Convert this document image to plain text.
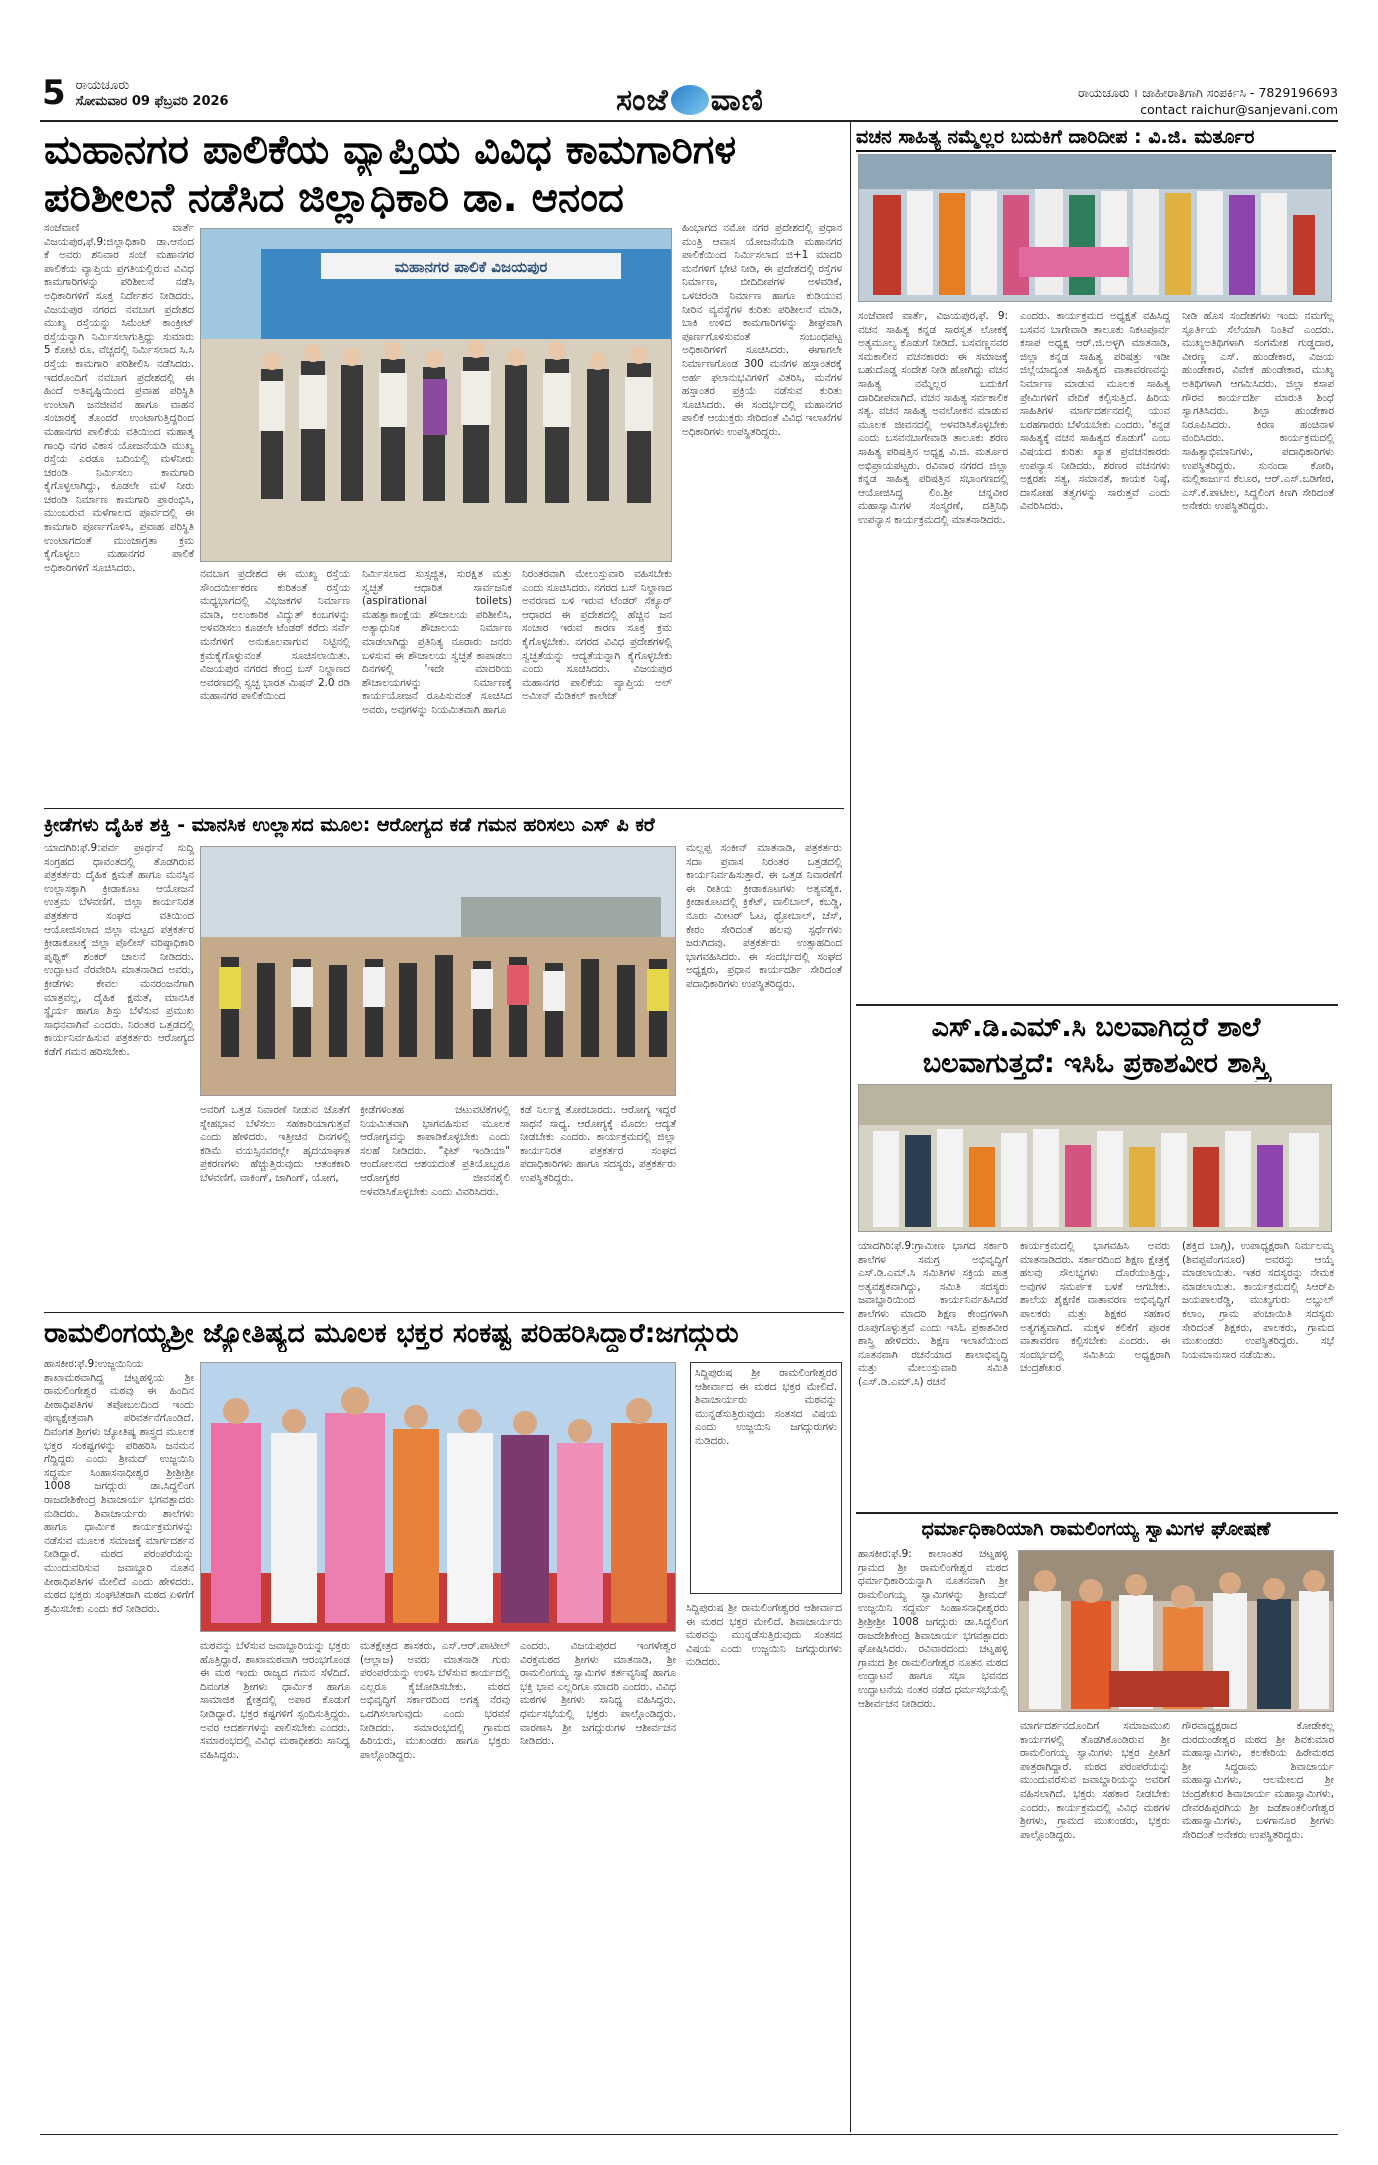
5 ರಾಯಚೂರು
ಸೋಮವಾರ 09 ಫೆಬ್ರವರಿ 2026	ಸಂಜೆ ವಾಣಿ	ರಾಯಚೂರು । ಜಾಹೀರಾತಿಗಾಗಿ ಸಂಪರ್ಕಿಸಿ - 7829196693
contact raichur@sanjevani.com
ಮಹಾನಗರ ಪಾಲಿಕೆಯ ವ್ಯಾಪ್ತಿಯ ವಿವಿಧ ಕಾಮಗಾರಿಗಳ
ಪರಿಶೀಲನೆ ನಡೆಸಿದ ಜಿಲ್ಲಾಧಿಕಾರಿ ಡಾ. ಆನಂದ
ಸಂಜೆವಾಣಿ ವಾರ್ತೆ ವಿಜಯಪುರ,ಫೆ.9:ಜಿಲ್ಲಾಧಿಕಾರಿ ಡಾ.ಆನಂದ ಕೆ ಅವರು ಶನಿವಾರ ಸಂಜೆ ಮಹಾನಗರ ಪಾಲಿಕೆಯ ವ್ಯಾಪ್ತಿಯ ಪ್ರಗತಿಯಲ್ಲಿರುವ ವಿವಿಧ ಕಾಮಗಾರಿಗಳನ್ನು ಪರಿಶೀಲನೆ ನಡೆಸಿ ಅಧಿಕಾರಿಗಳಿಗೆ ಸೂಕ್ತ ನಿರ್ದೇಶನ ನೀಡಿದರು. ವಿಜಯಪುರ ನಗರದ ನವಬಾಗ ಪ್ರದೇಶದ ಮುಖ್ಯ ರಸ್ತೆಯನ್ನು ಸಿಮೆಂಟ್ ಕಾಂಕ್ರೀಟ್ ರಸ್ತೆಯನ್ನಾಗಿ ನಿರ್ಮಿಸಲಾಗುತ್ತಿದ್ದು ಸುಮಾರು 5 ಕೋಟಿ ರೂ. ವೆಚ್ಚದಲ್ಲಿ ನಿರ್ಮಿಸಲಾದ ಸಿ.ಸಿ ರಸ್ತೆಯ ಕಾಮಗಾರಿ ಪರಿಶೀಲಿಸಿ ನಡೆಸಿದರು. ಇದರೊಂದಿಗೆ ನವಬಾಗ ಪ್ರದೇಶದಲ್ಲಿ ಈ ಹಿಂದೆ ಅತಿವೃಷ್ಟಿಯಿಂದ ಪ್ರವಾಹ ಪರಿಸ್ಥಿತಿ ಉಂಟಾಗಿ ಜನಜೀವನ ಹಾಗೂ ವಾಹನ ಸಂಚಾರಕ್ಕೆ ತೊಂದರೆ ಉಂಟಾಗುತ್ತಿದ್ದರಿಂದ ಮಹಾನಗರ ಪಾಲಿಕೆಯ ವತಿಯಿಂದ ಮಹಾತ್ಮ ಗಾಂಧಿ ನಗರ ವಿಕಾಸ ಯೋಜನೆಯಡಿ ಮುಖ್ಯ ರಸ್ತೆಯ ಎರಡೂ ಬದಿಯಲ್ಲಿ ಮಳೆನೀರು ಚರಂಡಿ ನಿರ್ಮಿಸಲು ಕಾಮಗಾರಿ ಕೈಗೊಳ್ಳಲಾಗಿದ್ದು, ಕೂಡಲೇ ಮಳೆ ನೀರು ಚರಂಡಿ ನಿರ್ಮಾಣ ಕಾಮಗಾರಿ ಪ್ರಾರಂಭಿಸಿ, ಮುಂಬರುವ ಮಳೆಗಾಲದ ಪೂರ್ವದಲ್ಲಿ ಈ ಕಾಮಗಾರಿ ಪೂರ್ಣಗೊಳಿಸಿ, ಪ್ರವಾಹ ಪರಿಸ್ಥಿತಿ ಉಂಟಾಗದಂತೆ ಮುಂಜಾಗ್ರತಾ ಕ್ರಮ ಕೈಗೊಳ್ಳಲು ಮಹಾನಗರ ಪಾಲಿಕೆ ಅಧಿಕಾರಿಗಳಿಗೆ ಸೂಚಿಸಿದರು.
ಮಹಾನಗರ ಪಾಲಿಕೆ ವಿಜಯಪುರ
ನವಬಾಗ ಪ್ರದೇಶದ ಈ ಮುಖ್ಯ ರಸ್ತೆಯ ಸೌಂದರ್ಯೀಕರಣ ಕುರಿತಂತೆ ರಸ್ತೆಯ ಮಧ್ಯಭಾಗದಲ್ಲಿ ವಿಭಜಕಗಳ ನಿರ್ಮಾಣ ಮಾಡಿ, ಅಲಂಕಾರಿಕ ವಿದ್ಯುತ್ ಕಂಬಗಳನ್ನು ಅಳವಡಿಸಲು ಕೂಡಲೇ ಟೆಂಡರ್ ಕರೆದು ಸರ್ವೆ ಮನೆಗಳಿಗೆ ಅನುಕೂಲವಾಗುವ ನಿಟ್ಟಿನಲ್ಲಿ ಕ್ರಮಕೈಗೊಳ್ಳುವಂತೆ ಸೂಚಿಸಲಾಯಿತು. ವಿಜಯಪುರ ನಗರದ ಕೇಂದ್ರ ಬಸ್ ನಿಲ್ದಾಣದ ಅವರಣದಲ್ಲಿ ಸ್ವಚ್ಛ ಭಾರತ ಮಿಷನ್ 2.0 ರಡಿ ಮಹಾನಗರ ಪಾಲಿಕೆಯಿಂದ
ನಿರ್ಮಿಸಲಾದ ಸುಸ್ಸಜ್ಜಿತ, ಸುರಕ್ಷಿತ ಮತ್ತು ಸ್ವಚ್ಛತೆ ಆಧಾರಿತ ಸಾರ್ವಜನಿಕ (aspirational toilets) ಮಹತ್ವಾಕಾಂಕ್ಷೆಯ ಶೌಚಾಲಯ ಪರಿಶೀಲಿಸಿ, ಅತ್ಯಾಧುನಿಕ ಶೌಚಾಲಯ ನಿರ್ಮಾಣ ಮಾಡಲಾಗಿದ್ದು ಪ್ರತಿನಿತ್ಯ ನೂರಾರು ಜನರು ಬಳಸುವ ಈ ಶೌಚಾಲಯ ಸ್ವಚ್ಛತೆ ಕಾಪಾಡಲು ದಿನಗಳಲ್ಲಿ 'ಇದೇ ಮಾದರಿಯ ಶೌಚಾಲಯಗಳನ್ನು ನಿರ್ಮಾಣಕ್ಕೆ ಕಾರ್ಯಯೋಜನೆ ರೂಪಿಸುವಂತೆ ಸೂಚಿಸಿದ ಅವರು, ಅವುಗಳನ್ನು ನಿಯಮಿತವಾಗಿ ಹಾಗೂ
ನಿರಂತರವಾಗಿ ಮೇಲುಸ್ತುವಾರಿ ವಹಿಸಬೇಕು ಎಂದು ಸೂಚಿಸಿದರು. ನಗರದ ಬಸ್ ನಿಲ್ದಾಣದ ಅವರಣದ ಬಳಿ ಇರುವ ಟೆಂಡರ್ ಸೆಕ್ಯೂರ್ ಆಧಾರದ ಈ ಪ್ರದೇಶದಲ್ಲಿ ಹೆಚ್ಚಿನ ಜನ ಸಂಚಾರ ಇರುವ ಕಾರಣ ಸೂಕ್ತ ಕ್ರಮ ಕೈಗೊಳ್ಳಬೇಕು. ನಗರದ ವಿವಿಧ ಪ್ರದೇಶಗಳಲ್ಲಿ ಸ್ವಚ್ಛತೆಯನ್ನು ಆದ್ಯತೆಯನ್ನಾಗಿ ಕೈಗೊಳ್ಳಬೇಕು ಎಂದು ಸೂಚಿಸಿದರು. ವಿಜಯಪುರ ಮಹಾನಗರ ಪಾಲಿಕೆಯ ವ್ಯಾಪ್ತಿಯ ಅಲ್ ಅಮೀನ್ ಮೆಡಿಕಲ್ ಕಾಲೇಜ್
ಹಿಂಭಾಗದ ನಮೋ ನಗರ ಪ್ರದೇಶದಲ್ಲಿ ಪ್ರಧಾನ ಮಂತ್ರಿ ಆವಾಸ ಯೋಜನೆಯಡಿ ಮಹಾನಗರ ಪಾಲಿಕೆಯಿಂದ ನಿರ್ಮಿಸಲಾದ ಜಿ+1 ಮಾದರಿ ಮನೆಗಳಿಗೆ ಭೇಟಿ ನೀಡಿ, ಈ ಪ್ರದೇಶದಲ್ಲಿ ರಸ್ತೆಗಳ ನಿರ್ಮಾಣ, ಬೀದಿದೀಪಗಳ ಅಳವಡಿಕೆ, ಒಳಚರಂಡಿ ನಿರ್ಮಾಣ ಹಾಗೂ ಕುಡಿಯುವ ನೀರಿನ ವ್ಯವಸ್ಥೆಗಳ ಕುರಿತು ಪರಿಶೀಲನೆ ಮಾಡಿ, ಬಾಕಿ ಉಳಿದ ಕಾಮಗಾರಿಗಳನ್ನು ಶೀಘ್ರವಾಗಿ ಪೂರ್ಣಗೊಳಿಸುವಂತೆ ಸಂಬಂಧಪಟ್ಟ ಅಧಿಕಾರಿಗಳಿಗೆ ಸೂಚಿಸಿದರು. ಈಗಾಗಲೇ ನಿರ್ಮಾಣಗೊಂಡ 300 ಮನೆಗಳ ಹಸ್ತಾಂತರಕ್ಕೆ ಅರ್ಹ ಫಲಾನುಭವಿಗಳಿಗೆ ವಿತರಿಸಿ, ಮನೆಗಳ ಹಸ್ತಾಂತರ ಪ್ರಕ್ರಿಯೆ ನಡೆಸುವ ಕುರಿತು ಸೂಚಿಸಿದರು. ಈ ಸಂದರ್ಭದಲ್ಲಿ ಮಹಾನಗರ ಪಾಲಿಕೆ ಆಯುಕ್ತರು ಸೇರಿದಂತೆ ವಿವಿಧ ಇಲಾಖೆಗಳ ಅಧಿಕಾರಿಗಳು ಉಪಸ್ಥಿತರಿದ್ದರು.
ಕ್ರೀಡೆಗಳು ದೈಹಿಕ ಶಕ್ತಿ - ಮಾನಸಿಕ ಉಲ್ಲಾಸದ ಮೂಲ: ಆರೋಗ್ಯದ ಕಡೆ ಗಮನ ಹರಿಸಲು ಎಸ್ ಪಿ ಕರೆ
ಯಾದಗಿರಿ:ಫೆ.9:ಪರ್ವ ಪ್ರಾರ್ಥನೆ ಸುದ್ದಿ ಸಂಗ್ರಹದ ಧಾವಂತದಲ್ಲಿ ತೊಡಗಿರುವ ಪತ್ರಕರ್ತರು ದೈಹಿಕ ಕ್ಷಮತೆ ಹಾಗೂ ಮನಸ್ಸಿನ ಉಲ್ಲಾಸಕ್ಕಾಗಿ ಕ್ರೀಡಾಕೂಟ ಆಯೋಜನೆ ಉತ್ತಮ ಬೆಳವಣಿಗೆ. ಜಿಲ್ಲಾ ಕಾರ್ಯನಿರತ ಪತ್ರಕರ್ತರ ಸಂಘದ ವತಿಯಿಂದ ಆಯೋಜಿಸಲಾದ ಜಿಲ್ಲಾ ಮಟ್ಟದ ಪತ್ರಕರ್ತರ ಕ್ರೀಡಾಕೂಟಕ್ಕೆ ಜಿಲ್ಲಾ ಪೊಲೀಸ್ ವರಿಷ್ಠಾಧಿಕಾರಿ ಪೃಥ್ವಿಕ್ ಶಂಕರ್ ಚಾಲನೆ ನೀಡಿದರು. ಉದ್ಘಾಟನೆ ನೆರವೇರಿಸಿ ಮಾತನಾಡಿದ ಅವರು, ಕ್ರೀಡೆಗಳು ಕೇವಲ ಮನರಂಜನೆಗಾಗಿ ಮಾತ್ರವಲ್ಲ, ದೈಹಿಕ ಕ್ಷಮತೆ, ಮಾನಸಿಕ ಸ್ಥೈರ್ಯ ಹಾಗೂ ಶಿಸ್ತು ಬೆಳೆಸುವ ಪ್ರಮುಖ ಸಾಧನವಾಗಿವೆ ಎಂದರು. ನಿರಂತರ ಒತ್ತಡದಲ್ಲಿ ಕಾರ್ಯನಿರ್ವಹಿಸುವ ಪತ್ರಕರ್ತರು ಆರೋಗ್ಯದ ಕಡೆಗೆ ಗಮನ ಹರಿಸಬೇಕು.
ಅವರಿಗೆ ಒತ್ತಡ ನಿವಾರಣೆ ನೀಡುವ ಜೊತೆಗೆ ಸ್ನೇಹಭಾವ ಬೆಳೆಸಲು ಸಹಕಾರಿಯಾಗುತ್ತವೆ ಎಂದು ಹೇಳಿದರು. ಇತ್ತೀಚಿನ ದಿನಗಳಲ್ಲಿ ಕಡಿಮೆ ವಯಸ್ಸಿನವರಲ್ಲೇ ಹೃದಯಾಘಾತ ಪ್ರಕರಣಗಳು ಹೆಚ್ಚುತ್ತಿರುವುದು ಆತಂಕಕಾರಿ ಬೆಳವಣಿಗೆ. ವಾಕಿಂಗ್, ಜಾಗಿಂಗ್, ಯೋಗ,
ಕ್ರೀಡೆಗಳಂತಹ ಚಟುವಟಿಕೆಗಳಲ್ಲಿ ನಿಯಮಿತವಾಗಿ ಭಾಗವಹಿಸುವ ಮೂಲಕ ಆರೋಗ್ಯವನ್ನು ಕಾಪಾಡಿಕೊಳ್ಳಬೇಕು ಎಂದು ಸಲಹೆ ನೀಡಿದರು. "ಫಿಟ್ ಇಂಡಿಯಾ" ಆಂದೋಲನದ ಆಶಯದಂತೆ ಪ್ರತಿಯೊಬ್ಬರೂ ಆರೋಗ್ಯಕರ ಜೀವನಶೈಲಿ ಅಳವಡಿಸಿಕೊಳ್ಳಬೇಕು ಎಂದು ವಿವರಿಸಿದರು.
ಕಡೆ ನಿರ್ಲಕ್ಷ ತೋರಬಾರದು. ಆರೋಗ್ಯ ಇದ್ದರೆ ಸಾಧನೆ ಸಾಧ್ಯ. ಆರೋಗ್ಯಕ್ಕೆ ಮೊದಲ ಆದ್ಯತೆ ನೀಡಬೇಕು ಎಂದರು. ಕಾರ್ಯಕ್ರಮದಲ್ಲಿ ಜಿಲ್ಲಾ ಕಾರ್ಯನಿರತ ಪತ್ರಕರ್ತರ ಸಂಘದ ಪದಾಧಿಕಾರಿಗಳು ಹಾಗೂ ಸದಸ್ಯರು, ಪತ್ರಕರ್ತರು ಉಪಸ್ಥಿತರಿದ್ದರು.
ಮಲ್ಲಪ್ಪ ಸಂಕೀನ್ ಮಾತನಾಡಿ, ಪತ್ರಕರ್ತರು ಸದಾ ಪ್ರವಾಸ ನಿರಂತರ ಒತ್ತಡದಲ್ಲಿ ಕಾರ್ಯನಿರ್ವಹಿಸುತ್ತಾರೆ. ಈ ಒತ್ತಡ ನಿವಾರಣೆಗೆ ಈ ರೀತಿಯ ಕ್ರೀಡಾಕೂಟಗಳು ಅತ್ಯವಶ್ಯಕ. ಕ್ರೀಡಾಕೂಟದಲ್ಲಿ ಕ್ರಿಕೆಟ್, ವಾಲಿಬಾಲ್, ಕಬಡ್ಡಿ, ನೂರು ಮೀಟರ್ ಓಟ, ಥ್ರೋಬಾಲ್, ಚೆಸ್, ಕೇರಂ ಸೇರಿದಂತೆ ಹಲವು ಸ್ಪರ್ಧೆಗಳು ಜರುಗಿದವು. ಪತ್ರಕರ್ತರು ಉತ್ಸಾಹದಿಂದ ಭಾಗವಹಿಸಿದರು. ಈ ಸಂದರ್ಭದಲ್ಲಿ ಸಂಘದ ಅಧ್ಯಕ್ಷರು, ಪ್ರಧಾನ ಕಾರ್ಯದರ್ಶಿ ಸೇರಿದಂತೆ ಪದಾಧಿಕಾರಿಗಳು ಉಪಸ್ಥಿತರಿದ್ದರು.
ರಾಮಲಿಂಗಯ್ಯಶ್ರೀ ಜ್ಯೋತಿಷ್ಯದ ಮೂಲಕ ಭಕ್ತರ ಸಂಕಷ್ಟ ಪರಿಹರಿಸಿದ್ದಾರೆ:ಜಗದ್ಗುರು
ಹಾಸಕೀರ:ಫೆ.9:ಉಜ್ಜಯಿನಿಯ ಶಾಖಾಮಠವಾಗಿದ್ದ ಚಟ್ನಹಳ್ಳಿಯ ಶ್ರೀ ರಾಮಲಿಂಗೇಶ್ವರ ಮಠವು ಈ ಹಿಂದಿನ ಪೀಠಾಧಿಪತಿಗಳ ತಪೋಬಲದಿಂದ ಇಂದು ಪುಣ್ಯಕ್ಷೇತ್ರವಾಗಿ ಪರಿವರ್ತನೆಗೊಂಡಿದೆ. ದಿವಂಗತ ಶ್ರೀಗಳು ಜ್ಯೋತಿಷ್ಯ ಶಾಸ್ತ್ರದ ಮೂಲಕ ಭಕ್ತರ ಸಂಕಷ್ಟಗಳನ್ನು ಪರಿಹರಿಸಿ ಜನಮನ ಗೆದ್ದಿದ್ದರು ಎಂದು ಶ್ರೀಮದ್ ಉಜ್ಜಯಿನಿ ಸದ್ಧರ್ಮ ಸಿಂಹಾಸನಾಧೀಶ್ವರ ಶ್ರೀಶ್ರೀಶ್ರೀ 1008 ಜಗದ್ಗುರು ಡಾ.ಸಿದ್ದಲಿಂಗ ರಾಜದೇಶಿಕೇಂದ್ರ ಶಿವಾಚಾರ್ಯ ಭಗವತ್ಪಾದರು ನುಡಿದರು. ಶಿವಾಚಾರ್ಯರು ಶಾಲೆಗಳು ಹಾಗೂ ಧಾರ್ಮಿಕ ಕಾರ್ಯಕ್ರಮಗಳನ್ನು ನಡೆಸುವ ಮೂಲಕ ಸಮಾಜಕ್ಕೆ ಮಾರ್ಗದರ್ಶನ ನೀಡಿದ್ದಾರೆ. ಮಠದ ಪರಂಪರೆಯನ್ನು ಮುಂದುವರಿಸುವ ಜವಾಬ್ದಾರಿ ನೂತನ ಪೀಠಾಧಿಪತಿಗಳ ಮೇಲಿದೆ ಎಂದು ಹೇಳಿದರು. ಮಠದ ಭಕ್ತರು ಸಂಘಟಿತರಾಗಿ ಮಠದ ಏಳಿಗೆಗೆ ಶ್ರಮಿಸಬೇಕು ಎಂದು ಕರೆ ನೀಡಿದರು.
ಸಿದ್ದಿಪುರುಷ ಶ್ರೀ ರಾಮಲಿಂಗೇಶ್ವರರ ಆಶೀರ್ವಾದ ಈ ಮಠದ ಭಕ್ತರ ಮೇಲಿದೆ. ಶಿವಾಚಾರ್ಯರು ಮಠವನ್ನು ಮುನ್ನಡೆಸುತ್ತಿರುವುದು ಸಂತಸದ ವಿಷಯ ಎಂದು ಉಜ್ಜಯಿನಿ ಜಗದ್ಗುರುಗಳು ನುಡಿದರು.
ಮಠವನ್ನು ಬೆಳೆಸುವ ಜವಾಬ್ದಾರಿಯನ್ನು ಭಕ್ತರು ಹೊತ್ತಿದ್ದಾರೆ. ಶಾಖಾಮಠವಾಗಿ ಆರಂಭಗೊಂಡ ಈ ಮಠ ಇಂದು ರಾಜ್ಯದ ಗಮನ ಸೆಳೆದಿದೆ. ದಿವಂಗತ ಶ್ರೀಗಳು ಧಾರ್ಮಿಕ ಹಾಗೂ ಸಾಮಾಜಿಕ ಕ್ಷೇತ್ರದಲ್ಲಿ ಅಪಾರ ಕೊಡುಗೆ ನೀಡಿದ್ದಾರೆ. ಭಕ್ತರ ಕಷ್ಟಗಳಿಗೆ ಸ್ಪಂದಿಸುತ್ತಿದ್ದರು. ಅವರ ಆದರ್ಶಗಳನ್ನು ಪಾಲಿಸಬೇಕು ಎಂದರು. ಸಮಾರಂಭದಲ್ಲಿ ವಿವಿಧ ಮಠಾಧೀಶರು ಸಾನಿಧ್ಯ ವಹಿಸಿದ್ದರು.
ಮತಕ್ಷೇತ್ರದ ಶಾಸಕರು, ಎಸ್.ಆರ್.ಪಾಟೀಲ್ (ಆಲ್ಲಾಜ) ಅವರು ಮಾತನಾಡಿ ಗುರು ಪರಂಪರೆಯನ್ನು ಉಳಿಸಿ ಬೆಳೆಸುವ ಕಾರ್ಯದಲ್ಲಿ ಎಲ್ಲರೂ ಕೈಜೋಡಿಸಬೇಕು. ಮಠದ ಅಭಿವೃದ್ಧಿಗೆ ಸರ್ಕಾರದಿಂದ ಅಗತ್ಯ ನೆರವು ಒದಗಿಸಲಾಗುವುದು ಎಂದು ಭರವಸೆ ನೀಡಿದರು. ಸಮಾರಂಭದಲ್ಲಿ ಗ್ರಾಮದ ಹಿರಿಯರು, ಮುಖಂಡರು ಹಾಗೂ ಭಕ್ತರು ಪಾಲ್ಗೊಂಡಿದ್ದರು.
ಎಂದರು. ವಿಜಯಪುರದ ಇಂಗಳೇಶ್ವರ ವಿರಕ್ತಮಠದ ಶ್ರೀಗಳು ಮಾತನಾಡಿ, ಶ್ರೀ ರಾಮಲಿಂಗಯ್ಯ ಸ್ವಾಮಿಗಳ ಕರ್ತವ್ಯನಿಷ್ಠೆ ಹಾಗೂ ಭಕ್ತಿ ಭಾವ ಎಲ್ಲರಿಗೂ ಮಾದರಿ ಎಂದರು. ವಿವಿಧ ಮಠಗಳ ಶ್ರೀಗಳು ಸಾನಿಧ್ಯ ವಹಿಸಿದ್ದರು. ಧರ್ಮಸಭೆಯಲ್ಲಿ ಭಕ್ತರು ಪಾಲ್ಗೊಂಡಿದ್ದರು. ವಾರಣಾಸಿ ಶ್ರೀ ಜಗದ್ಗುರುಗಳ ಆಶೀರ್ವಚನ ನೀಡಿದರು.
ಸಿದ್ದಿಪುರುಷ ಶ್ರೀ ರಾಮಲಿಂಗೇಶ್ವರರ ಆಶೀರ್ವಾದ ಈ ಮಠದ ಭಕ್ತರ ಮೇಲಿದೆ. ಶಿವಾಚಾರ್ಯರು ಮಠವನ್ನು ಮುನ್ನಡೆಸುತ್ತಿರುವುದು ಸಂತಸದ ವಿಷಯ ಎಂದು ಉಜ್ಜಯಿನಿ ಜಗದ್ಗುರುಗಳು ನುಡಿದರು.
ವಚನ ಸಾಹಿತ್ಯ ನಮ್ಮೆಲ್ಲರ ಬದುಕಿಗೆ ದಾರಿದೀಪ : ವಿ.ಜಿ. ಮರ್ತೂರ
ಸಂಜೆವಾಣಿ ವಾರ್ತೆ, ವಿಜಯಪುರ,ಫೆ. 9: ವಚನ ಸಾಹಿತ್ಯ ಕನ್ನಡ ಸಾರಸ್ವತ ಲೋಕಕ್ಕೆ ಅತ್ಯಮೂಲ್ಯ ಕೊಡುಗೆ ನೀಡಿದೆ. ಬಸವಣ್ಣನವರ ಸಮಕಾಲೀನ ವಚನಕಾರರು ಈ ಸಮಾಜಕ್ಕೆ ಬಹುದೊಡ್ಡ ಸಂದೇಶ ನೀಡಿ ಹೋಗಿದ್ದು ವಚನ ಸಾಹಿತ್ಯ ನಮ್ಮೆಲ್ಲರ ಬದುಕಿಗೆ ದಾರಿದೀಪವಾಗಿದೆ. ವಚನ ಸಾಹಿತ್ಯ ಸರ್ವಕಾಲಿಕ ಸತ್ಯ. ವಚನ ಸಾಹಿತ್ಯ ಅವಲೋಕನ ಮಾಡುವ ಮೂಲಕ ಜೀವನದಲ್ಲಿ ಅಳವಡಿಸಿಕೊಳ್ಳಬೇಕು ಎಂದು ಬಸವನಬಾಗೇವಾಡಿ ತಾಲೂಕು ಶರಣ ಸಾಹಿತ್ಯ ಪರಿಷತ್ತಿನ ಅಧ್ಯಕ್ಷ ವಿ.ಜಿ. ಮರ್ತೂರ ಅಭಿಪ್ರಾಯಪಟ್ಟರು. ರವಿವಾರ ನಗರದ ಜಿಲ್ಲಾ ಕನ್ನಡ ಸಾಹಿತ್ಯ ಪರಿಷತ್ತಿನ ಸಭಾಂಗಣದಲ್ಲಿ ಆಯೋಜಿಸಿದ್ದ ಲಿಂ.ಶ್ರೀ ಚನ್ನವೀರ ಮಹಾಸ್ವಾಮಿಗಳ ಸಂಸ್ಮರಣೆ, ದತ್ತಿನಿಧಿ ಉಪನ್ಯಾಸ ಕಾರ್ಯಕ್ರಮದಲ್ಲಿ ಮಾತನಾಡಿದರು.
ಎಂದರು. ಕಾರ್ಯಕ್ರಮದ ಅಧ್ಯಕ್ಷತೆ ವಹಿಸಿದ್ದ ಬಸವನ ಬಾಗೇವಾಡಿ ತಾಲೂಕು ನಿಕಟಪೂರ್ವ ಕಸಾಪ ಅಧ್ಯಕ್ಷ ಆರ್.ಜಿ.ಅಳ್ಳಗಿ ಮಾತನಾಡಿ, ಜಿಲ್ಲಾ ಕನ್ನಡ ಸಾಹಿತ್ಯ ಪರಿಷತ್ತು ಇಡೀ ಜಿಲ್ಲೆಯಾದ್ಯಂತ ಸಾಹಿತ್ಯದ ವಾತಾವರಣವನ್ನು ನಿರ್ಮಾಣ ಮಾಡುವ ಮೂಲಕ ಸಾಹಿತ್ಯ ಪ್ರೇಮಿಗಳಿಗೆ ವೇದಿಕೆ ಕಲ್ಪಿಸುತ್ತಿದೆ. ಹಿರಿಯ ಸಾಹಿತಿಗಳ ಮಾರ್ಗದರ್ಶನದಲ್ಲಿ ಯುವ ಬರಹಗಾರರು ಬೆಳೆಯಬೇಕು ಎಂದರು. 'ಕನ್ನಡ ಸಾಹಿತ್ಯಕ್ಕೆ ವಚನ ಸಾಹಿತ್ಯದ ಕೊಡುಗೆ' ಎಂಬ ವಿಷಯದ ಕುರಿತು ಖ್ಯಾತ ಪ್ರವಚನಕಾರರು ಉಪನ್ಯಾಸ ನೀಡಿದರು. ಶರಣರ ವಚನಗಳು ಅಕ್ಷರಶಃ ಸತ್ಯ, ಸಮಾನತೆ, ಕಾಯಕ ನಿಷ್ಠೆ, ದಾಸೋಹ ತತ್ವಗಳನ್ನು ಸಾರುತ್ತವೆ ಎಂದು ವಿವರಿಸಿದರು.
ನೀಡಿ ಹೊಸ ಸಂದೇಶಗಳು ಇಂದು ನಮಗೆಲ್ಲ ಸ್ಫೂರ್ತಿಯ ಸೆಲೆಯಾಗಿ ನಿಂತಿವೆ ಎಂದರು. ಮುಖ್ಯಅತಿಥಿಗಳಾಗಿ ಸಂಗಮೇಶ ಗುಡ್ಡದಾರ, ವೀರಣ್ಣ ಎಸ್. ಹುಂಡೇಕಾರ, ವಿಜಯ ಹುಂಡೇಕಾರ, ವಿವೇಕ ಹುಂಡೇಕಾರ, ಮುಖ್ಯ ಅತಿಥಿಗಳಾಗಿ ಆಗಮಿಸಿದರು. ಜಿಲ್ಲಾ ಕಸಾಪ ಗೌರವ ಕಾರ್ಯದರ್ಶಿ ಮಾರುತಿ ಶಿಂಧೆ ಸ್ವಾಗತಿಸಿದರು. ಶಿಲ್ಪಾ ಹುಂಡೇಕಾರ ನಿರೂಪಿಸಿದರು. ಕಿರಣ ಹಂಚಿನಾಳ ವಂದಿಸಿದರು. ಕಾರ್ಯಕ್ರಮದಲ್ಲಿ ಸಾಹಿತ್ಯಾಭಿಮಾನಿಗಳು, ಪದಾಧಿಕಾರಿಗಳು ಉಪಸ್ಥಿತರಿದ್ದರು. ಸುನಂದಾ ಕೋರಿ, ಮಲ್ಲಿಕಾರ್ಜುನ ಕೆಲೂರ, ಆರ್.ಎಸ್.ಬಡಿಗೇರ, ಎಸ್.ಕೆ.ಪಾಟೀಲ, ಸಿದ್ದಲಿಂಗ ಕಿಣಗಿ ಸೇರಿದಂತೆ ಅನೇಕರು ಉಪಸ್ಥಿತರಿದ್ದರು.
ಎಸ್.ಡಿ.ಎಮ್.ಸಿ ಬಲವಾಗಿದ್ದರೆ ಶಾಲೆ
ಬಲವಾಗುತ್ತದೆ: ಇಸಿಓ ಪ್ರಕಾಶವೀರ ಶಾಸ್ತ್ರಿ
ಯಾದಗಿರಿ:ಫೆ.9:ಗ್ರಾಮೀಣ ಭಾಗದ ಸರ್ಕಾರಿ ಶಾಲೆಗಳ ಸಮಗ್ರ ಅಭಿವೃದ್ಧಿಗೆ ಎಸ್.ಡಿ.ಎಮ್.ಸಿ ಸಮಿತಿಗಳ ಸಕ್ರಿಯ ಪಾತ್ರ ಅತ್ಯವಶ್ಯಕವಾಗಿದ್ದು, ಸಮಿತಿ ಸದಸ್ಯರು ಜವಾಬ್ದಾರಿಯಿಂದ ಕಾರ್ಯನಿರ್ವಹಿಸಿದರೆ ಶಾಲೆಗಳು ಮಾದರಿ ಶಿಕ್ಷಣ ಕೇಂದ್ರಗಳಾಗಿ ರೂಪುಗೊಳ್ಳುತ್ತವೆ ಎಂದು ಇಸಿಓ ಪ್ರಕಾಶವೀರ ಶಾಸ್ತ್ರಿ ಹೇಳಿದರು. ಶಿಕ್ಷಣ ಇಲಾಖೆಯಿಂದ ನೂತನವಾಗಿ ರಚನೆಯಾದ ಶಾಲಾಭಿವೃದ್ಧಿ ಮತ್ತು ಮೇಲುಸ್ತುವಾರಿ ಸಮಿತಿ (ಎಸ್.ಡಿ.ಎಮ್.ಸಿ) ರಚನೆ
ಕಾರ್ಯಕ್ರಮದಲ್ಲಿ ಭಾಗವಹಿಸಿ ಅವರು ಮಾತನಾಡಿದರು. ಸರ್ಕಾರದಿಂದ ಶಿಕ್ಷಣ ಕ್ಷೇತ್ರಕ್ಕೆ ಹಲವು ಸೌಲಭ್ಯಗಳು ದೊರೆಯುತ್ತಿದ್ದು, ಅವುಗಳ ಸಮರ್ಪಕ ಬಳಕೆ ಆಗಬೇಕು. ಶಾಲೆಯ ಶೈಕ್ಷಣಿಕ ವಾತಾವರಣ ಅಭಿವೃದ್ಧಿಗೆ ಪಾಲಕರು ಮತ್ತು ಶಿಕ್ಷಕರ ಸಹಕಾರ ಅತ್ಯಗತ್ಯವಾಗಿದೆ. ಮಕ್ಕಳ ಕಲಿಕೆಗೆ ಪೂರಕ ವಾತಾವರಣ ಕಲ್ಪಿಸಬೇಕು ಎಂದರು. ಈ ಸಂದರ್ಭದಲ್ಲಿ ಸಮಿತಿಯ ಅಧ್ಯಕ್ಷರಾಗಿ ಚಂದ್ರಶೇಖರ
(ಶಕ್ತಿದ ಬಾಗ್ಗಿ), ಉಪಾಧ್ಯಕ್ಷರಾಗಿ ನಿರ್ಮಲಮ್ಮ (ಶಿವಪ್ಪವೆಂಗನೂರ) ಅವರನ್ನು ಆಯ್ಕೆ ಮಾಡಲಾಯಿತು. ಇತರ ಸದಸ್ಯರನ್ನು ನೇಮಕ ಮಾಡಲಾಯಿತು. ಕಾರ್ಯಕ್ರಮದಲ್ಲಿ ಸಿಆರ್‌ಪಿ ಜಯಪಾಲರೆಡ್ಡಿ, ಮುಖ್ಯಗುರು ಅಬ್ದುಲ್ ಕಲಾಂ, ಗ್ರಾಮ ಪಂಚಾಯಿತಿ ಸದಸ್ಯರು ಸೇರಿದಂತೆ ಶಿಕ್ಷಕರು, ಪಾಲಕರು, ಗ್ರಾಮದ ಮುಖಂಡರು ಉಪಸ್ಥಿತರಿದ್ದರು. ಸಭೆ ನಿಯಮಾನುಸಾರ ನಡೆಯಿತು.
ಧರ್ಮಾಧಿಕಾರಿಯಾಗಿ ರಾಮಲಿಂಗಯ್ಯ ಸ್ವಾಮಿಗಳ ಘೋಷಣೆ
ಹಾಸಕೀರ:ಫೆ.9: ಕಾಲಾಂತರ ಚಟ್ನಹಳ್ಳಿ ಗ್ರಾಮದ ಶ್ರೀ ರಾಮಲಿಂಗೇಶ್ವರ ಮಠದ ಧರ್ಮಾಧಿಕಾರಿಯನ್ನಾಗಿ ನೂತನವಾಗಿ ಶ್ರೀ ರಾಮಲಿಂಗಯ್ಯ ಸ್ವಾಮಿಗಳನ್ನು ಶ್ರೀಮದ್ ಉಜ್ಜಯಿನಿ ಸದ್ಧರ್ಮ ಸಿಂಹಾಸನಾಧೀಶ್ವರರು ಶ್ರೀಶ್ರೀಶ್ರೀ 1008 ಜಗದ್ಗುರು ಡಾ.ಸಿದ್ದಲಿಂಗ ರಾಜದೇಶಿಕೇಂದ್ರ ಶಿವಾಚಾರ್ಯ ಭಗವತ್ಪಾದರು ಘೋಷಿಸಿದರು. ರವಿವಾರದಂದು ಚಟ್ನಹಳ್ಳಿ ಗ್ರಾಮದ ಶ್ರೀ ರಾಮಲಿಂಗೇಶ್ವರ ನೂತನ ಮಠದ ಉದ್ಘಾಟನೆ ಹಾಗೂ ಸಭಾ ಭವನದ ಉದ್ಘಾಟನೆಯ ನಂತರ ನಡೆದ ಧರ್ಮಸಭೆಯಲ್ಲಿ ಆಶೀರ್ವಚನ ನೀಡಿದರು.
ಮಾರ್ಗದರ್ಶನದೊಂದಿಗೆ ಸಮಾಜಮುಖಿ ಕಾರ್ಯಗಳಲ್ಲಿ ತೊಡಗಿಕೊಂಡಿರುವ ಶ್ರೀ ರಾಮಲಿಂಗಯ್ಯ ಸ್ವಾಮಿಗಳು ಭಕ್ತರ ಪ್ರೀತಿಗೆ ಪಾತ್ರರಾಗಿದ್ದಾರೆ. ಮಠದ ಪರಂಪರೆಯನ್ನು ಮುಂದುವರೆಸುವ ಜವಾಬ್ದಾರಿಯನ್ನು ಅವರಿಗೆ ವಹಿಸಲಾಗಿದೆ. ಭಕ್ತರು ಸಹಕಾರ ನೀಡಬೇಕು ಎಂದರು. ಕಾರ್ಯಕ್ರಮದಲ್ಲಿ ವಿವಿಧ ಮಠಗಳ ಶ್ರೀಗಳು, ಗ್ರಾಮದ ಮುಖಂಡರು, ಭಕ್ತರು ಪಾಲ್ಗೊಂಡಿದ್ದರು.
ಗೌರವಾಧ್ಯಕ್ಷರಾದ ಕೋಡೇಕಲ್ಲ ದುರದುಂಡೇಶ್ವರ ಮಠದ ಶ್ರೀ ಶಿವಕುಮಾರ ಮಹಾಸ್ವಾಮಿಗಳು, ಕಲಕೇರಿಯ ಹಿರೇಮಠದ ಶ್ರೀ ಸಿದ್ಧರಾಮ ಶಿವಾಚಾರ್ಯ ಮಹಾಸ್ವಾಮಿಗಳು, ಆಲಮೇಲದ ಶ್ರೀ ಚಂದ್ರಶೇಖರ ಶಿವಾಚಾರ್ಯ ಮಹಾಸ್ವಾಮಿಗಳು, ದೇವರಹಿಪ್ಪರಗಿಯ ಶ್ರೀ ಜಡೆಶಾಂತಲಿಂಗೇಶ್ವರ ಮಹಾಸ್ವಾಮಿಗಳು, ಬಳಗಾನೂರ ಶ್ರೀಗಳು ಸೇರಿದಂತೆ ಅನೇಕರು ಉಪಸ್ಥಿತರಿದ್ದರು.
